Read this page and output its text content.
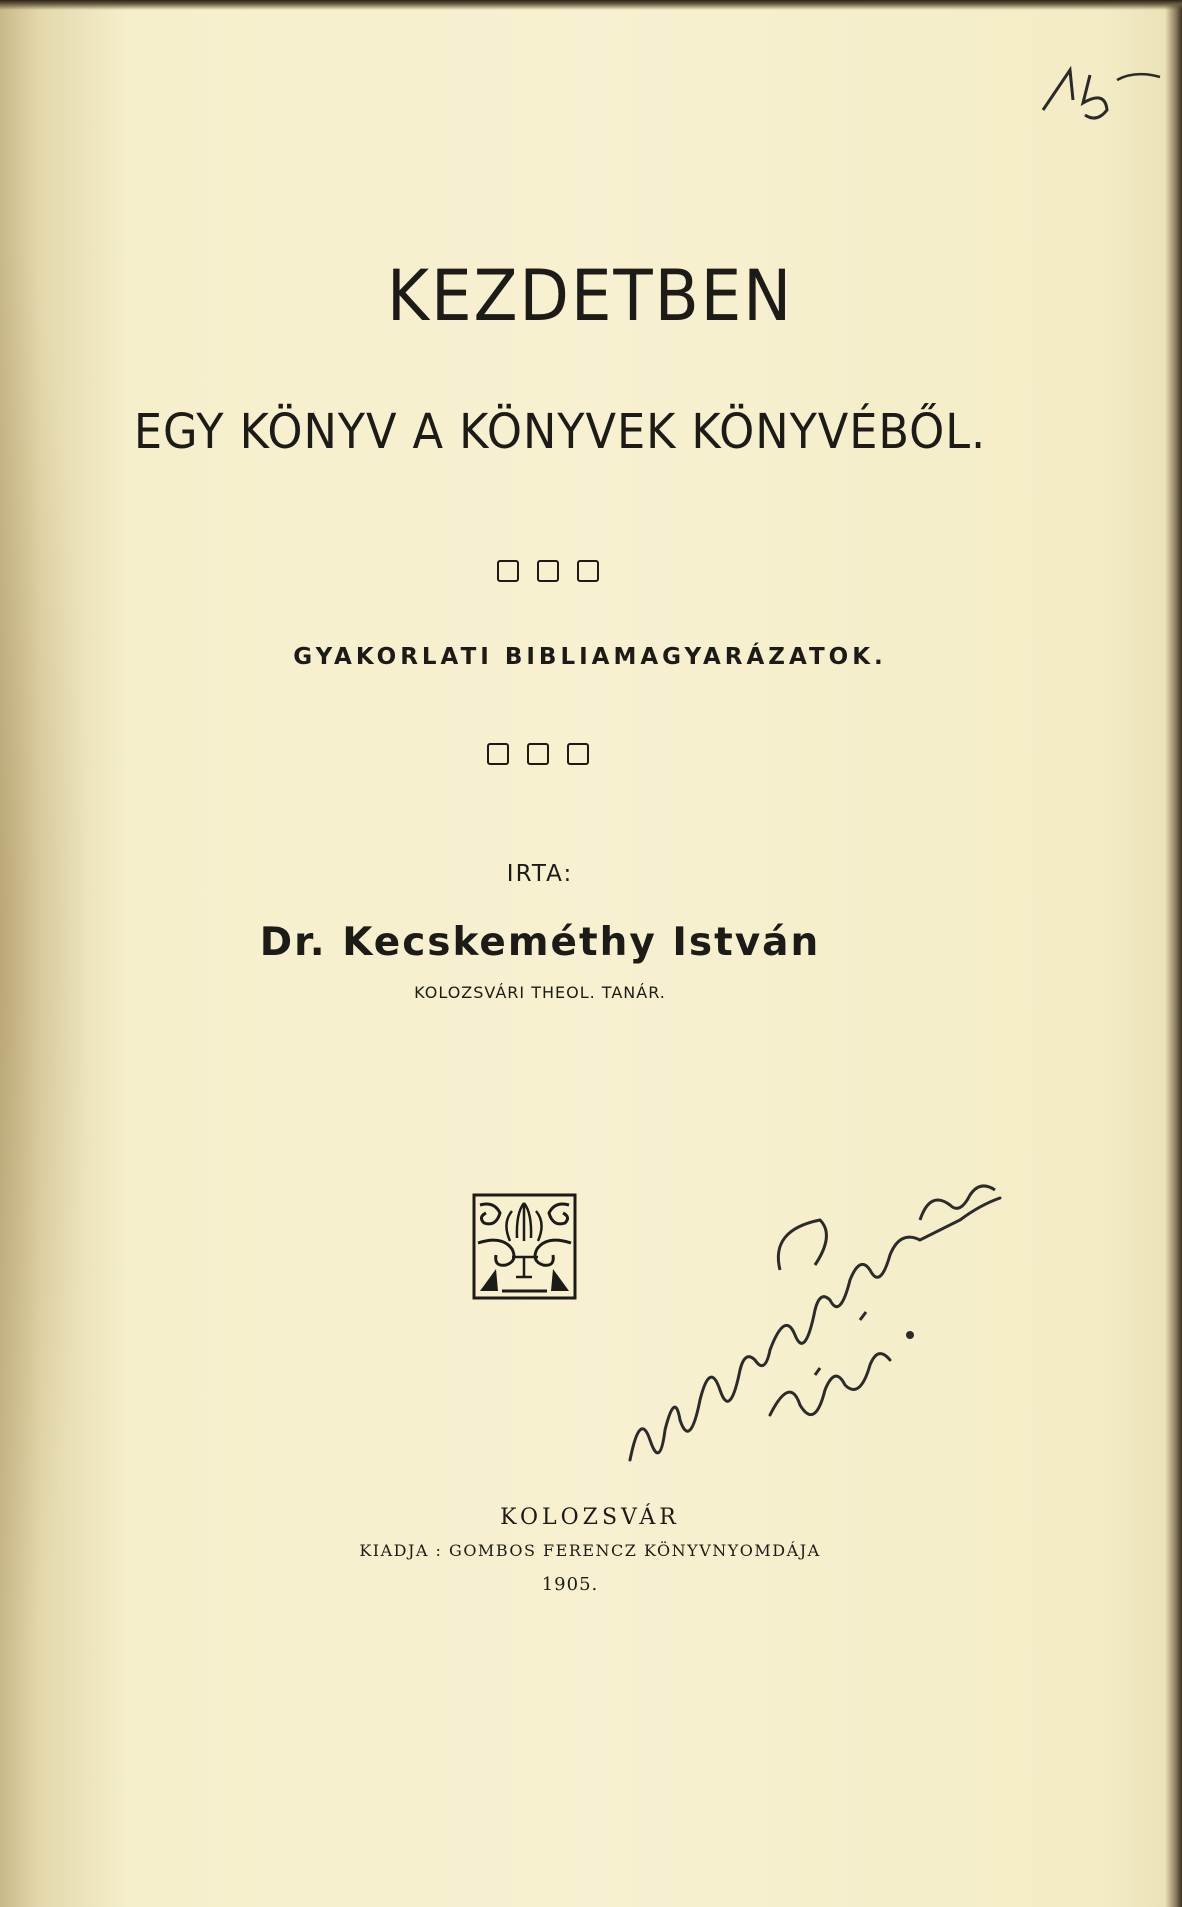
KEZDETBEN
EGY KÖNYV A KÖNYVEK KÖNYVÉBŐL.
GYAKORLATI BIBLIAMAGYARÁZATOK.
IRTA:
Dr. Kecskeméthy István
KOLOZSVÁRI THEOL. TANÁR.
KOLOZSVÁR
KIADJA : GOMBOS FERENCZ KÖNYVNYOMDÁJA
1905.
